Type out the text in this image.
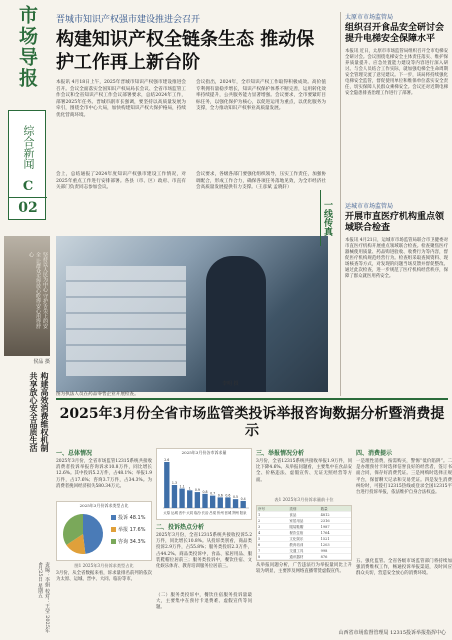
市场导报
综合新闻
C
02
坚持以人民为中心 守护舌尖上的安全 让群众买得放心吃得安心用得舒心
侯品 摄
构建高效消费维权机制 共享放心安全品质生活
责编：李娟 校对：王莹 2025年4月25日 星期五
晋城市知识产权强市建设推进会召开
构建知识产权全链条生态 推动保护工作再上新台阶
本报讯 4月18日上午，2025年晋城市知识产权强市建设推进会召开。会议全面落实全国知识产权局局长会议、全省市场监管工作会议和全省知识产权工作会议部署要求，总结2024年工作，部署2025年任务。晋城市副市长强调，要坚持以高质量发展为牵引，围绕全市中心大局，加快构建知识产权大保护格局，持续优化营商环境。
会议指出，2024年，全市知识产权工作取得积极成效。高价值专利拥有量稳步增长，知识产权保护体系不断完善，运用转化效率持续提升，公共服务能力显著增强。会议要求，全市要紧盯目标任务，以强化保护为核心，以促进运用为重点，以优化服务为支撑，全力推动知识产权事业高质量发展。
会上，总结通报了2024年度知识产权强市建设工作情况，对2025年重点工作进行安排部署。各县（市、区）政府、市直有关部门负责同志参加会议。
会议要求，各级各部门要强化组织领导，压实工作责任，加强协调配合，形成工作合力，确保各项任务落地见效，为全市经济社会高质量发展提供有力支撑。（王彦斌 孟晓轩）
图为执法人员在药品零售企业开展检查。
李明 摄
一线传真
太原市市场监管局
组织召开食品安全研讨会 提升电梯安全保障水平
本报讯 近日，太原市市场监管局组织召开全市电梯安全研讨会。会议围绕电梯安全主体责任落实、维护保养质量提升、应急处置能力建设等内容进行深入研讨。与会人员结合工作实际，就加强电梯全生命周期安全管理交流了意见建议。下一步，该局将持续强化电梯安全监管，督促使用单位和维保单位落实安全责任，切实保障人民群众乘梯安全。会议还对近期电梯安全隐患排查治理工作进行了部署。
运城市市场监管局
开展市直医疗机构重点领域联合检查
本报讯 4月21日，运城市市场监管局联合市卫健委对市直医疗机构开展重点领域联合检查。检查聚焦医疗器械使用质量、药品购进验收、收费行为等内容，督促医疗机构规范经营行为。检查组采取查阅资料、现场核查等方式，对发现的问题当场反馈并督促整改。通过此次检查，进一步规范了医疗机构经营秩序，保障了群众就医用药安全。
2025年3月份全省市场监管类投诉举报咨询数据分析暨消费提示
一、总体情况
2025年3月份，全省市场监管12315系统共接收消费者投诉举报咨询诉求10.8万件，同比增长12.6%。其中投诉5.2万件，占48.1%；举报1.9万件，占17.6%；咨询3.7万件，占34.3%。为消费者挽回经济损失580.34万元。
2025年3月份诉求类型占比
投诉 48.1%
举报 17.6%
咨询 34.3%
图1 2025年3月份诉求类型占比
3月份，从全省数据来看，诉求量排名前列的依次为太原、运城、晋中、大同、临汾等市。
2025年3月份各市诉求量
太原
2.6
运城
1.3
晋中
1.1
大同
1
临汾
0.9
长治
0.8
吕梁
0.7
忻州
0.6
晋城
0.6
朔州
0.5
阳泉
0.4
二、投诉热点分析
2025年3月份，全省12315系统共接收投诉5.2万件，同比增长10.8%。从投诉类别看，商品类投诉2.9万件，占55.8%；服务类投诉2.3万件，占44.2%。商品类投诉中，食品、家居用品、服装鞋帽位居前三；服务类投诉中，餐饮住宿、文化娱乐体育、教育培训服务位居前三。
（二）服务类投诉中，餐饮住宿服务投诉量最大，主要集中在预付卡退费难、虚假宣传等问题。
三、举报情况分析
3月份，全省12315系统共接收举报1.9万件，同比下降4.6%。从举报问题看，主要集中在食品安全、价格违法、虚假宣传、无证无照经营等方面。
表1 2025年3月份诉求量前十位
序号	类别	数量
1	食品	4812
2	家居用品	2316
3	服装鞋帽	1987
4	餐饮住宿	1764
5	文化娱乐	1521
6	教育培训	1203
7	交通工具	998
8	通讯器材	876
从举报问题分析，广告违法行为举报量同比上升较为明显，主要涉及网络直播带货虚假宣传。
四、消费提示
一是理性消费，按需购买，警惕“低价陷阱”。二是办理预付卡时选择信誉良好的经营者，签订书面合同，保存好消费凭证。三是网购时选择正规平台，保留聊天记录和交易凭证。四是发生消费纠纷时，可拨打12315热线或登录全国12315平台进行投诉举报，依法维护自身合法权益。
五、强化监管。全省各级市场监管部门将持续加强消费维权工作，畅通投诉举报渠道，及时回应群众关切，营造安全放心的消费环境。
山西省市场监督管理局 12315投诉举报指挥中心
